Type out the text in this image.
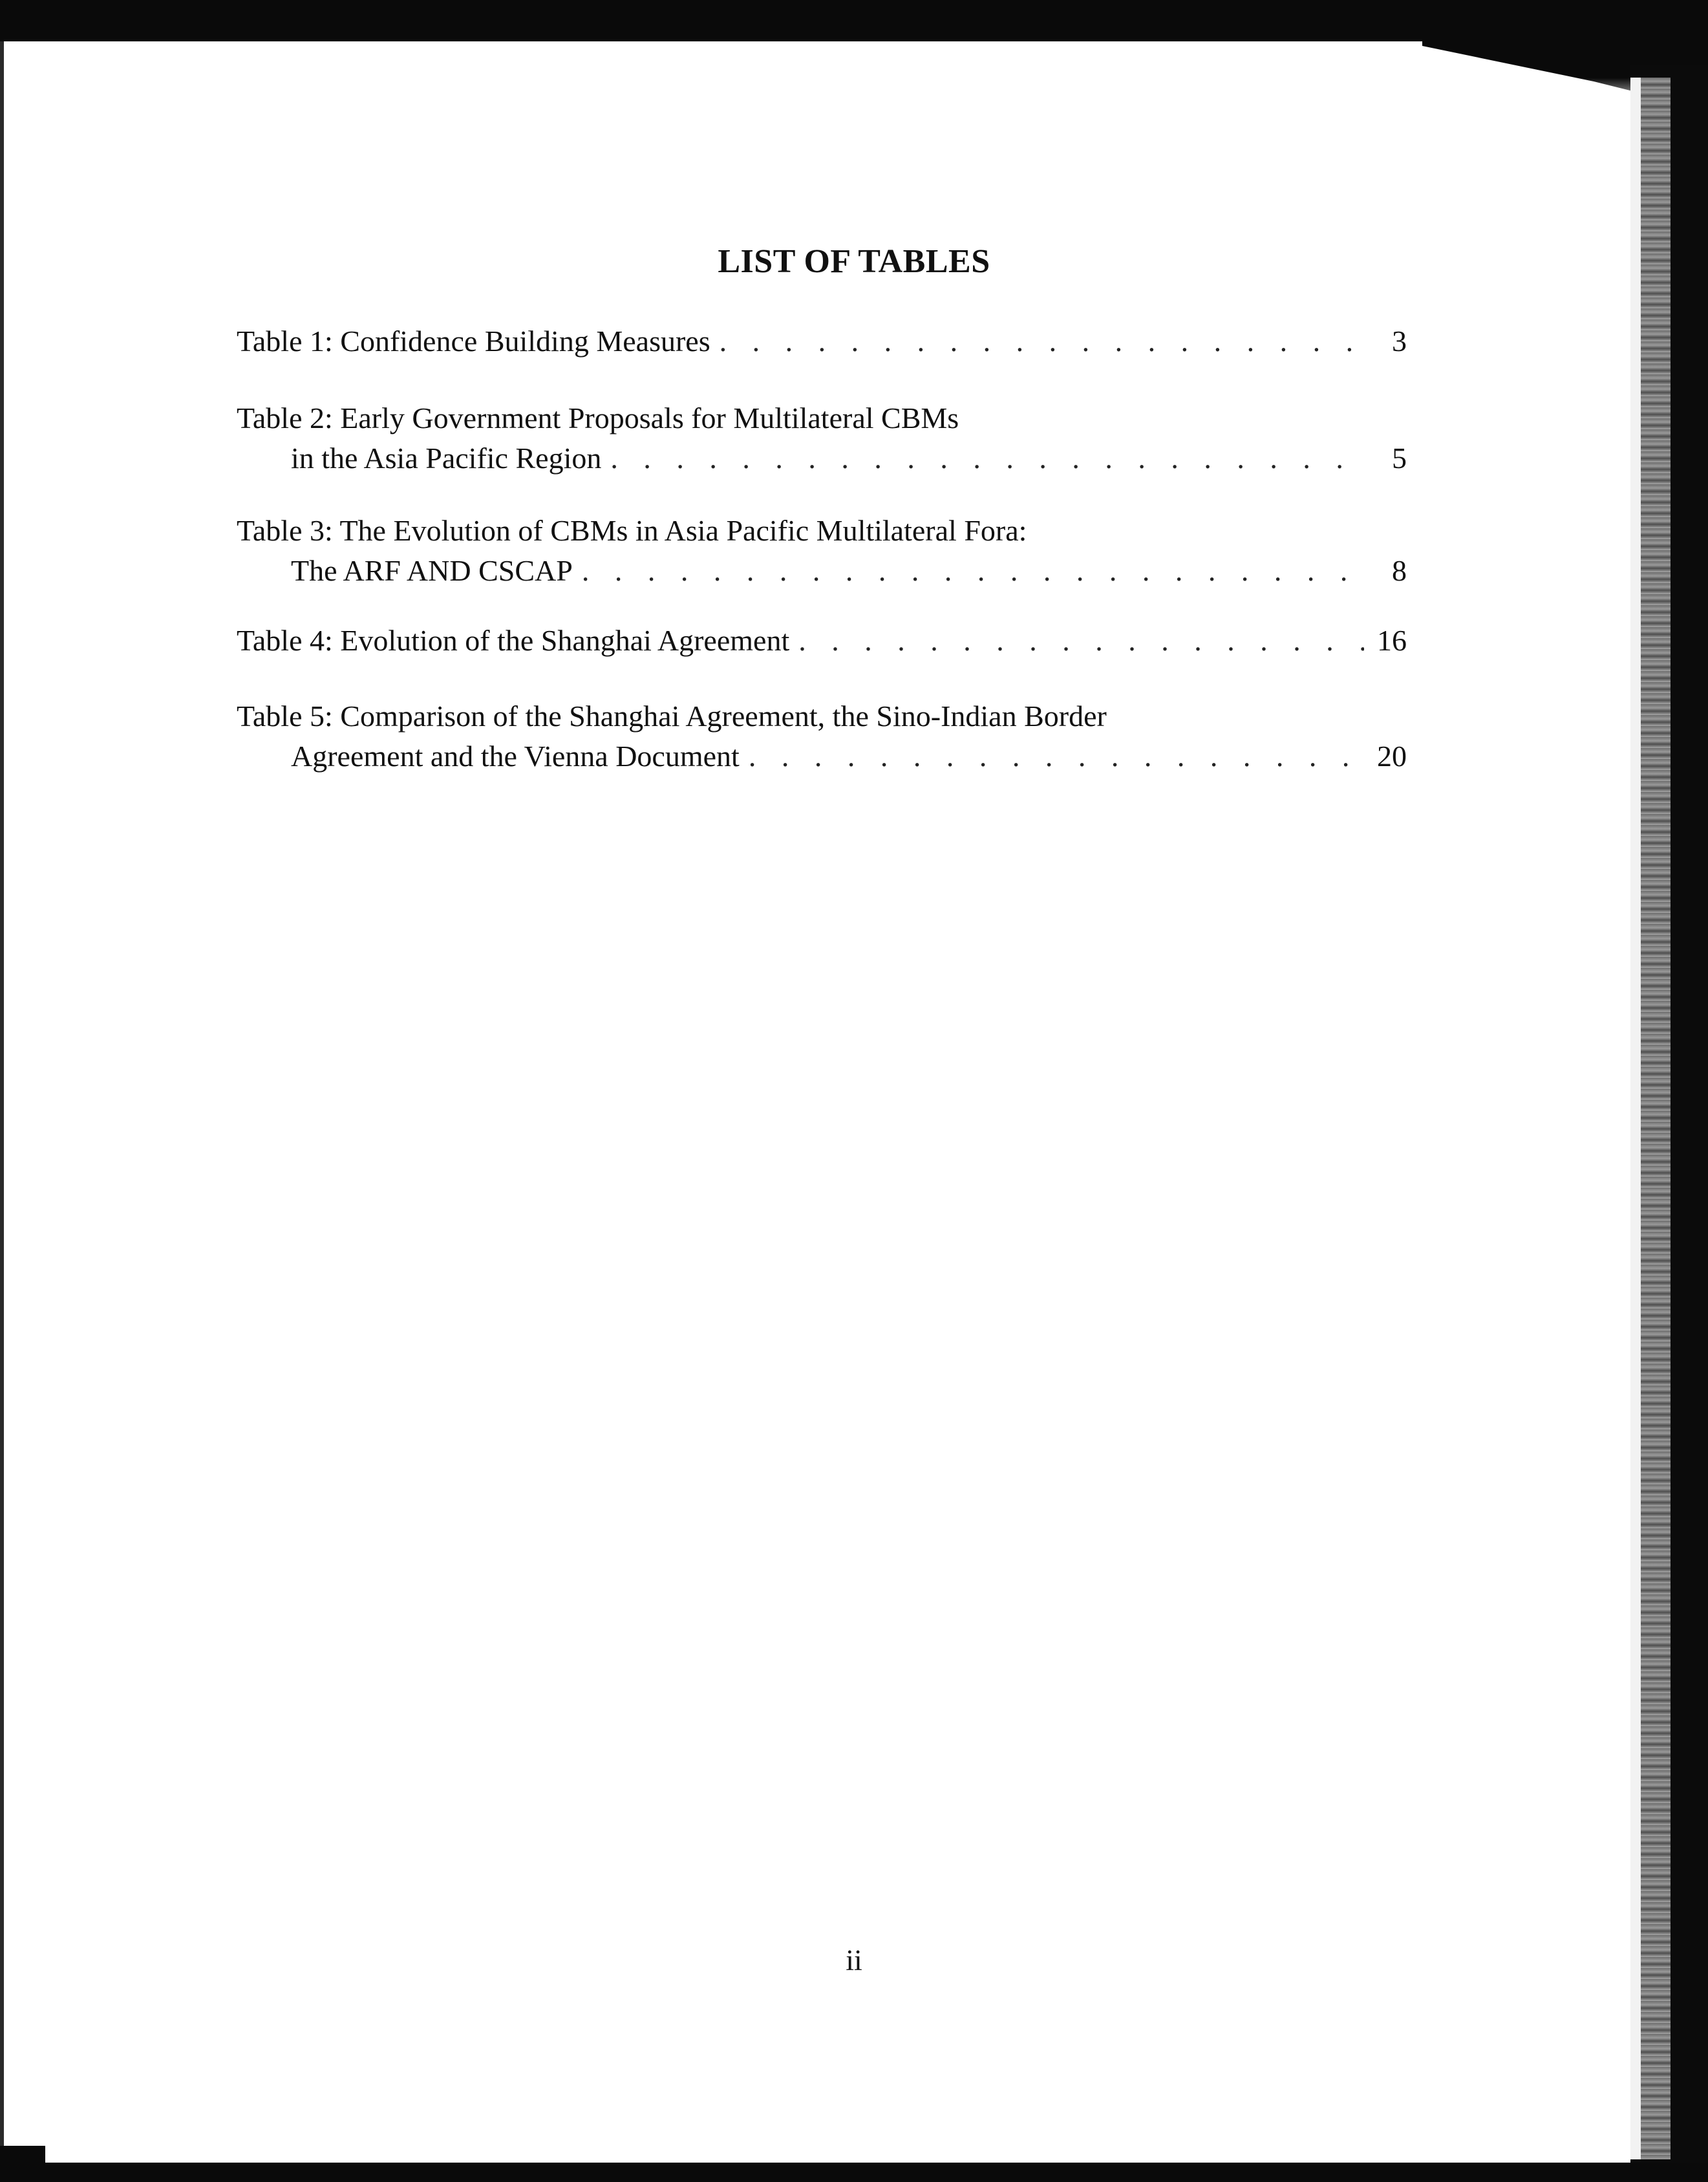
LIST OF TABLES
Table 1: Confidence Building Measures . . .	3
Table 2: Early Government Proposals for Multilateral CBMs
in the Asia Pacific Region . . .	5
Table 3: The Evolution of CBMs in Asia Pacific Multilateral Fora:
The ARF AND CSCAP . . .	8
Table 4: Evolution of the Shanghai Agreement . . .	16
Table 5: Comparison of the Shanghai Agreement, the Sino-Indian Border
Agreement and the Vienna Document . . .	20
ii
